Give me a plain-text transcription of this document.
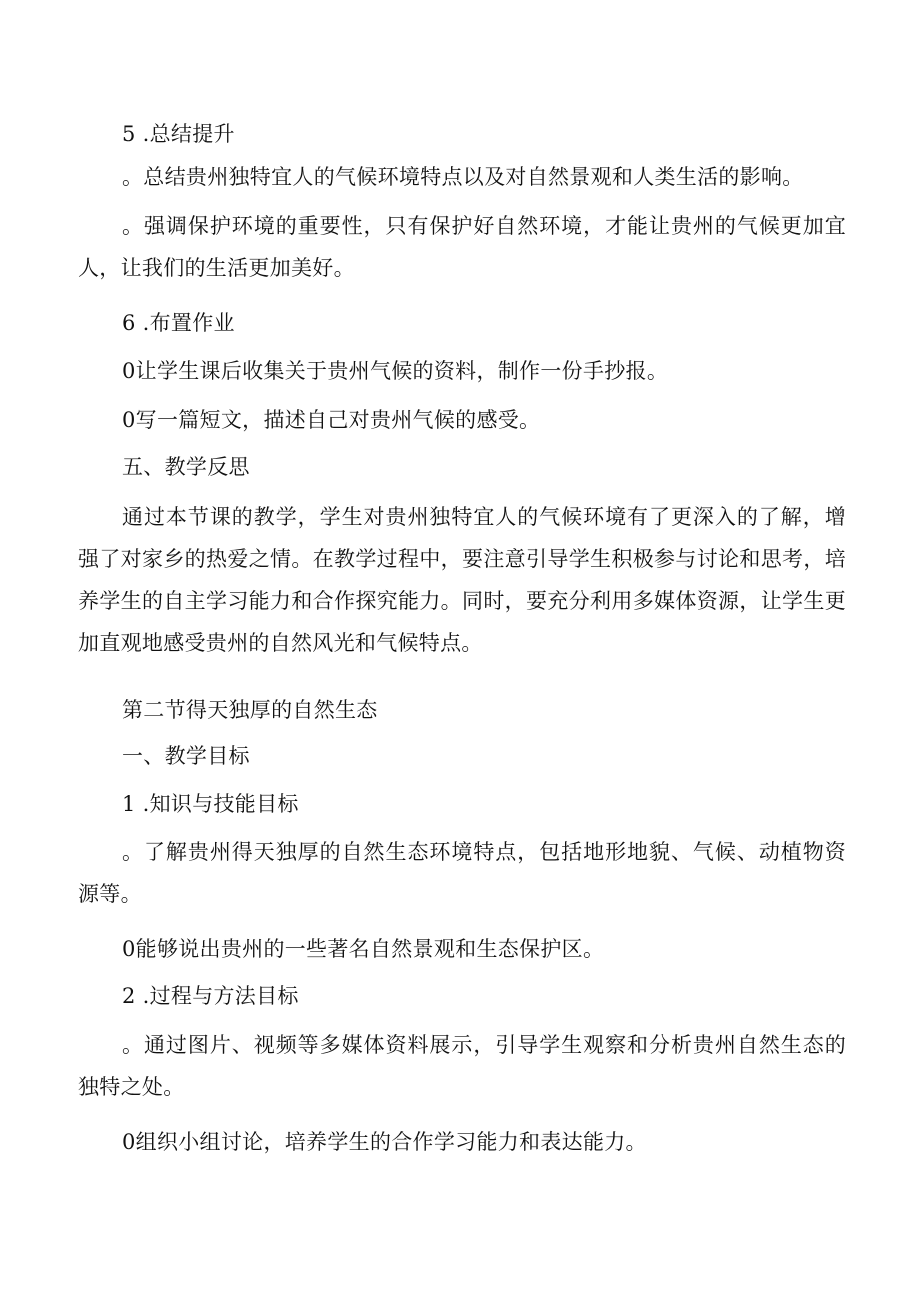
5 .总结提升

。总结贵州独特宜人的气候环境特点以及对自然景观和人类生活的影响。

。强调保护环境的重要性，只有保护好自然环境，才能让贵州的气候更加宜人，让我们的生活更加美好。

6 .布置作业

0让学生课后收集关于贵州气候的资料，制作一份手抄报。

0写一篇短文，描述自己对贵州气候的感受。

五、教学反思

通过本节课的教学，学生对贵州独特宜人的气候环境有了更深入的了解，增强了对家乡的热爱之情。在教学过程中，要注意引导学生积极参与讨论和思考，培养学生的自主学习能力和合作探究能力。同时，要充分利用多媒体资源，让学生更加直观地感受贵州的自然风光和气候特点。

第二节得天独厚的自然生态

一、教学目标

1 .知识与技能目标

。了解贵州得天独厚的自然生态环境特点，包括地形地貌、气候、动植物资源等。

0能够说出贵州的一些著名自然景观和生态保护区。

2 .过程与方法目标

。通过图片、视频等多媒体资料展示，引导学生观察和分析贵州自然生态的独特之处。

0组织小组讨论，培养学生的合作学习能力和表达能力。
